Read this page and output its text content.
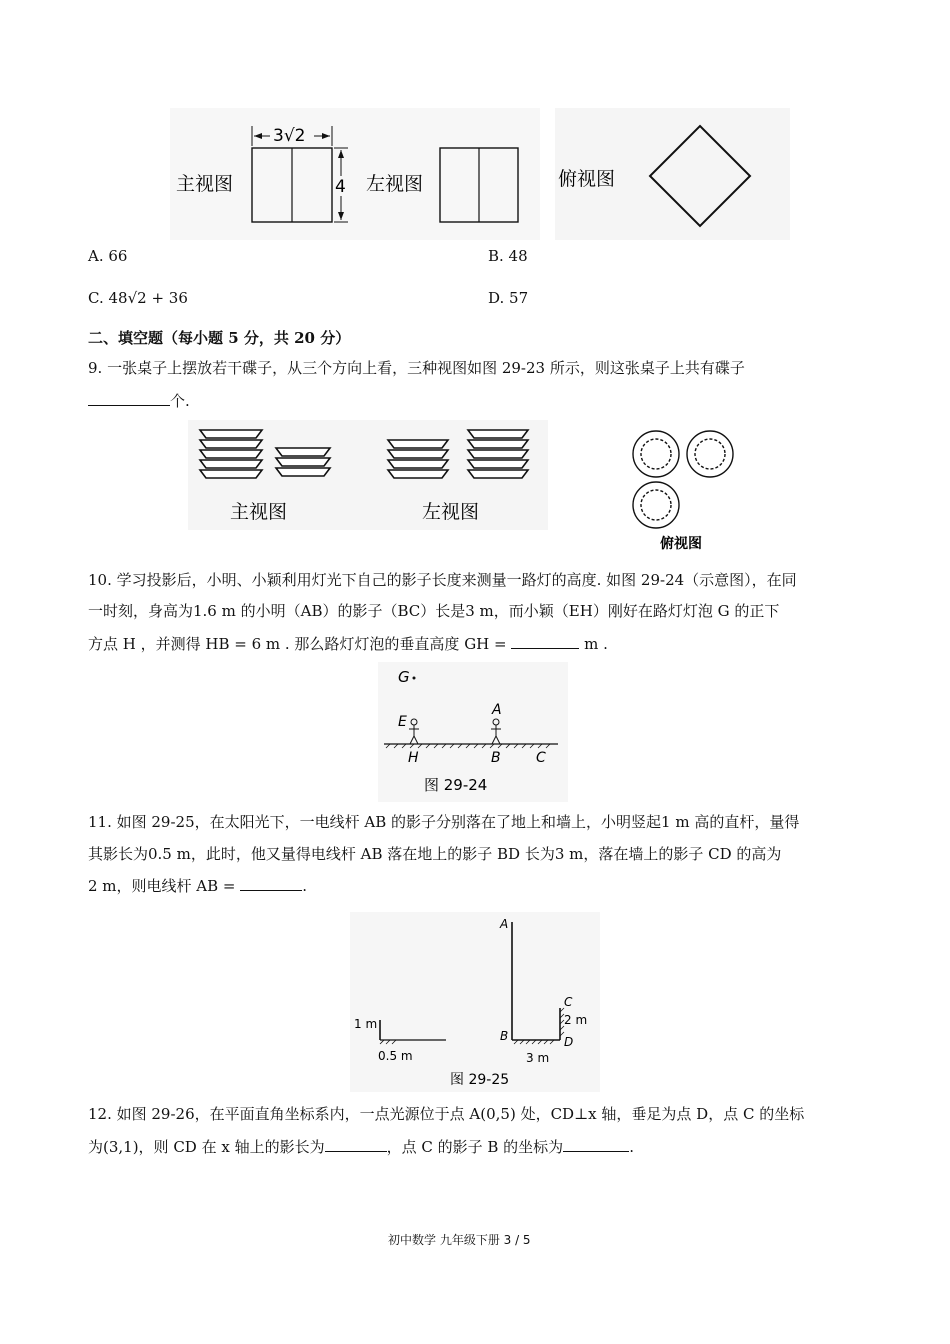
主视图
3√2
4 左视图	俯视图
A. 66	B. 48
C. 48√2 + 36	D. 57
二、填空题（每小题 5 分，共 20 分）
9. 一张桌子上摆放若干碟子，从三个方向上看，三种视图如图 29-23 所示，则这张桌子上共有碟子
个.
主视图	左视图
俯视图
10. 学习投影后，小明、小颖利用灯光下自己的影子长度来测量一路灯的高度. 如图 29-24（示意图），在同
一时刻，身高为1.6 m 的小明（AB）的影子（BC）长是3 m，而小颖（EH）刚好在路灯灯泡 G 的正下
方点 H ，并测得 HB = 6 m . 那么路灯灯泡的垂直高度 GH =	m .
G
E
H
A
B	C
图 29-24
11. 如图 29-25，在太阳光下，一电线杆 AB 的影子分别落在了地上和墙上，小明竖起1 m 高的直杆，量得
其影长为0.5 m，此时，他又量得电线杆 AB 落在地上的影子 BD 长为3 m，落在墙上的影子 CD 的高为
2 m，则电线杆 AB =	.
1 m
0.5 m
A
B
3 m
C
2 m
D
图 29-25
12. 如图 29-26，在平面直角坐标系内，一点光源位于点 A(0,5) 处，CD⊥x 轴，垂足为点 D，点 C 的坐标
为(3,1)，则 CD 在 x 轴上的影长为	，点 C 的影子 B 的坐标为	.
初中数学 九年级下册 3 / 5
